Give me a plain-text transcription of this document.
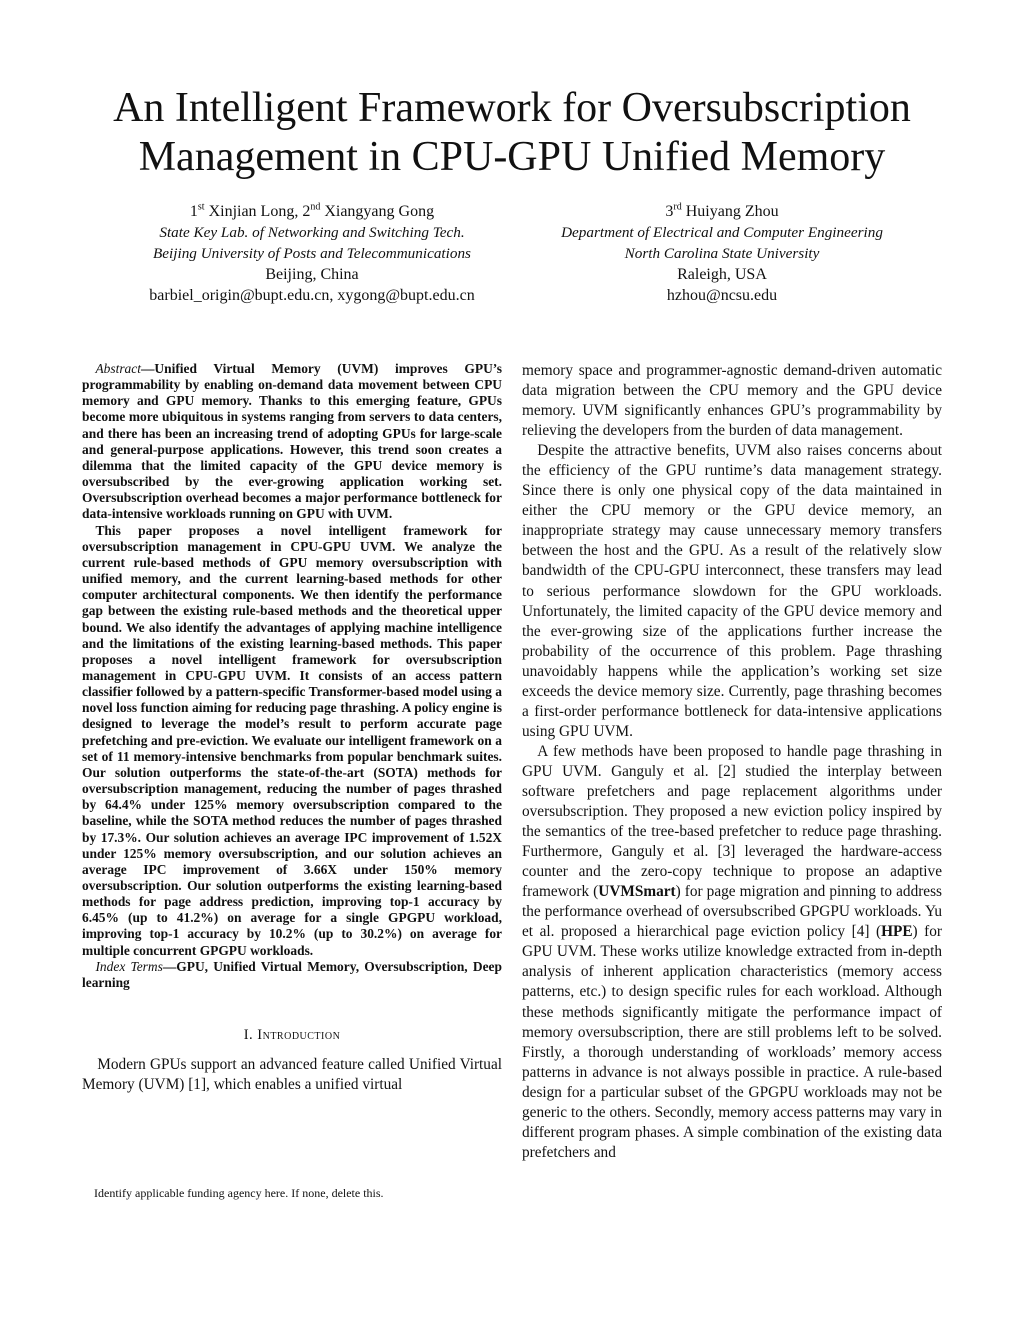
An Intelligent Framework for Oversubscription
Management in CPU-GPU Unified Memory
1st Xinjian Long, 2nd Xiangyang Gong
State Key Lab. of Networking and Switching Tech.
Beijing University of Posts and Telecommunications
Beijing, China
barbiel_origin@bupt.edu.cn, xygong@bupt.edu.cn
3rd Huiyang Zhou
Department of Electrical and Computer Engineering
North Carolina State University
Raleigh, USA
hzhou@ncsu.edu

Abstract—Unified Virtual Memory (UVM) improves GPU’s programmability by enabling on-demand data movement between CPU memory and GPU memory. Thanks to this emerging feature, GPUs become more ubiquitous in systems ranging from servers to data centers, and there has been an increasing trend of adopting GPUs for large-scale and general-purpose applications. However, this trend soon creates a dilemma that the limited capacity of the GPU device memory is oversubscribed by the ever-growing application working set. Oversubscription overhead becomes a major performance bottleneck for data-intensive workloads running on GPU with UVM.

This paper proposes a novel intelligent framework for oversubscription management in CPU-GPU UVM. We analyze the current rule-based methods of GPU memory oversubscription with unified memory, and the current learning-based methods for other computer architectural components. We then identify the performance gap between the existing rule-based methods and the theoretical upper bound. We also identify the advantages of applying machine intelligence and the limitations of the existing learning-based methods. This paper proposes a novel intelligent framework for oversubscription management in CPU-GPU UVM. It consists of an access pattern classifier followed by a pattern-specific Transformer-based model using a novel loss function aiming for reducing page thrashing. A policy engine is designed to leverage the model’s result to perform accurate page prefetching and pre-eviction. We evaluate our intelligent framework on a set of 11 memory-intensive benchmarks from popular benchmark suites. Our solution outperforms the state-of-the-art (SOTA) methods for oversubscription management, reducing the number of pages thrashed by 64.4% under 125% memory oversubscription compared to the baseline, while the SOTA method reduces the number of pages thrashed by 17.3%. Our solution achieves an average IPC improvement of 1.52X under 125% memory oversubscription, and our solution achieves an average IPC improvement of 3.66X under 150% memory oversubscription. Our solution outperforms the existing learning-based methods for page address prediction, improving top-1 accuracy by 6.45% (up to 41.2%) on average for a single GPGPU workload, improving top-1 accuracy by 10.2% (up to 30.2%) on average for multiple concurrent GPGPU workloads.

Index Terms—GPU, Unified Virtual Memory, Oversubscription, Deep learning

I. Introduction

Modern GPUs support an advanced feature called Unified Virtual Memory (UVM) [1], which enables a unified virtual

Identify applicable funding agency here. If none, delete this.

memory space and programmer-agnostic demand-driven automatic data migration between the CPU memory and the GPU device memory. UVM significantly enhances GPU’s programmability by relieving the developers from the burden of data management.

Despite the attractive benefits, UVM also raises concerns about the efficiency of the GPU runtime’s data management strategy. Since there is only one physical copy of the data maintained in either the CPU memory or the GPU device memory, an inappropriate strategy may cause unnecessary memory transfers between the host and the GPU. As a result of the relatively slow bandwidth of the CPU-GPU interconnect, these transfers may lead to serious performance slowdown for the GPU workloads. Unfortunately, the limited capacity of the GPU device memory and the ever-growing size of the applications further increase the probability of the occurrence of this problem. Page thrashing unavoidably happens while the application’s working set size exceeds the device memory size. Currently, page thrashing becomes a first-order performance bottleneck for data-intensive applications using GPU UVM.

A few methods have been proposed to handle page thrashing in GPU UVM. Ganguly et al. [2] studied the interplay between software prefetchers and page replacement algorithms under oversubscription. They proposed a new eviction policy inspired by the semantics of the tree-based prefetcher to reduce page thrashing. Furthermore, Ganguly et al. [3] leveraged the hardware-access counter and the zero-copy technique to propose an adaptive framework (UVMSmart) for page migration and pinning to address the performance overhead of oversubscribed GPGPU workloads. Yu et al. proposed a hierarchical page eviction policy [4] (HPE) for GPU UVM. These works utilize knowledge extracted from in-depth analysis of inherent application characteristics (memory access patterns, etc.) to design specific rules for each workload. Although these methods significantly mitigate the performance impact of memory oversubscription, there are still problems left to be solved. Firstly, a thorough understanding of workloads’ memory access patterns in advance is not always possible in practice. A rule-based design for a particular subset of the GPGPU workloads may not be generic to the others. Secondly, memory access patterns may vary in different program phases. A simple combination of the existing data prefetchers and
